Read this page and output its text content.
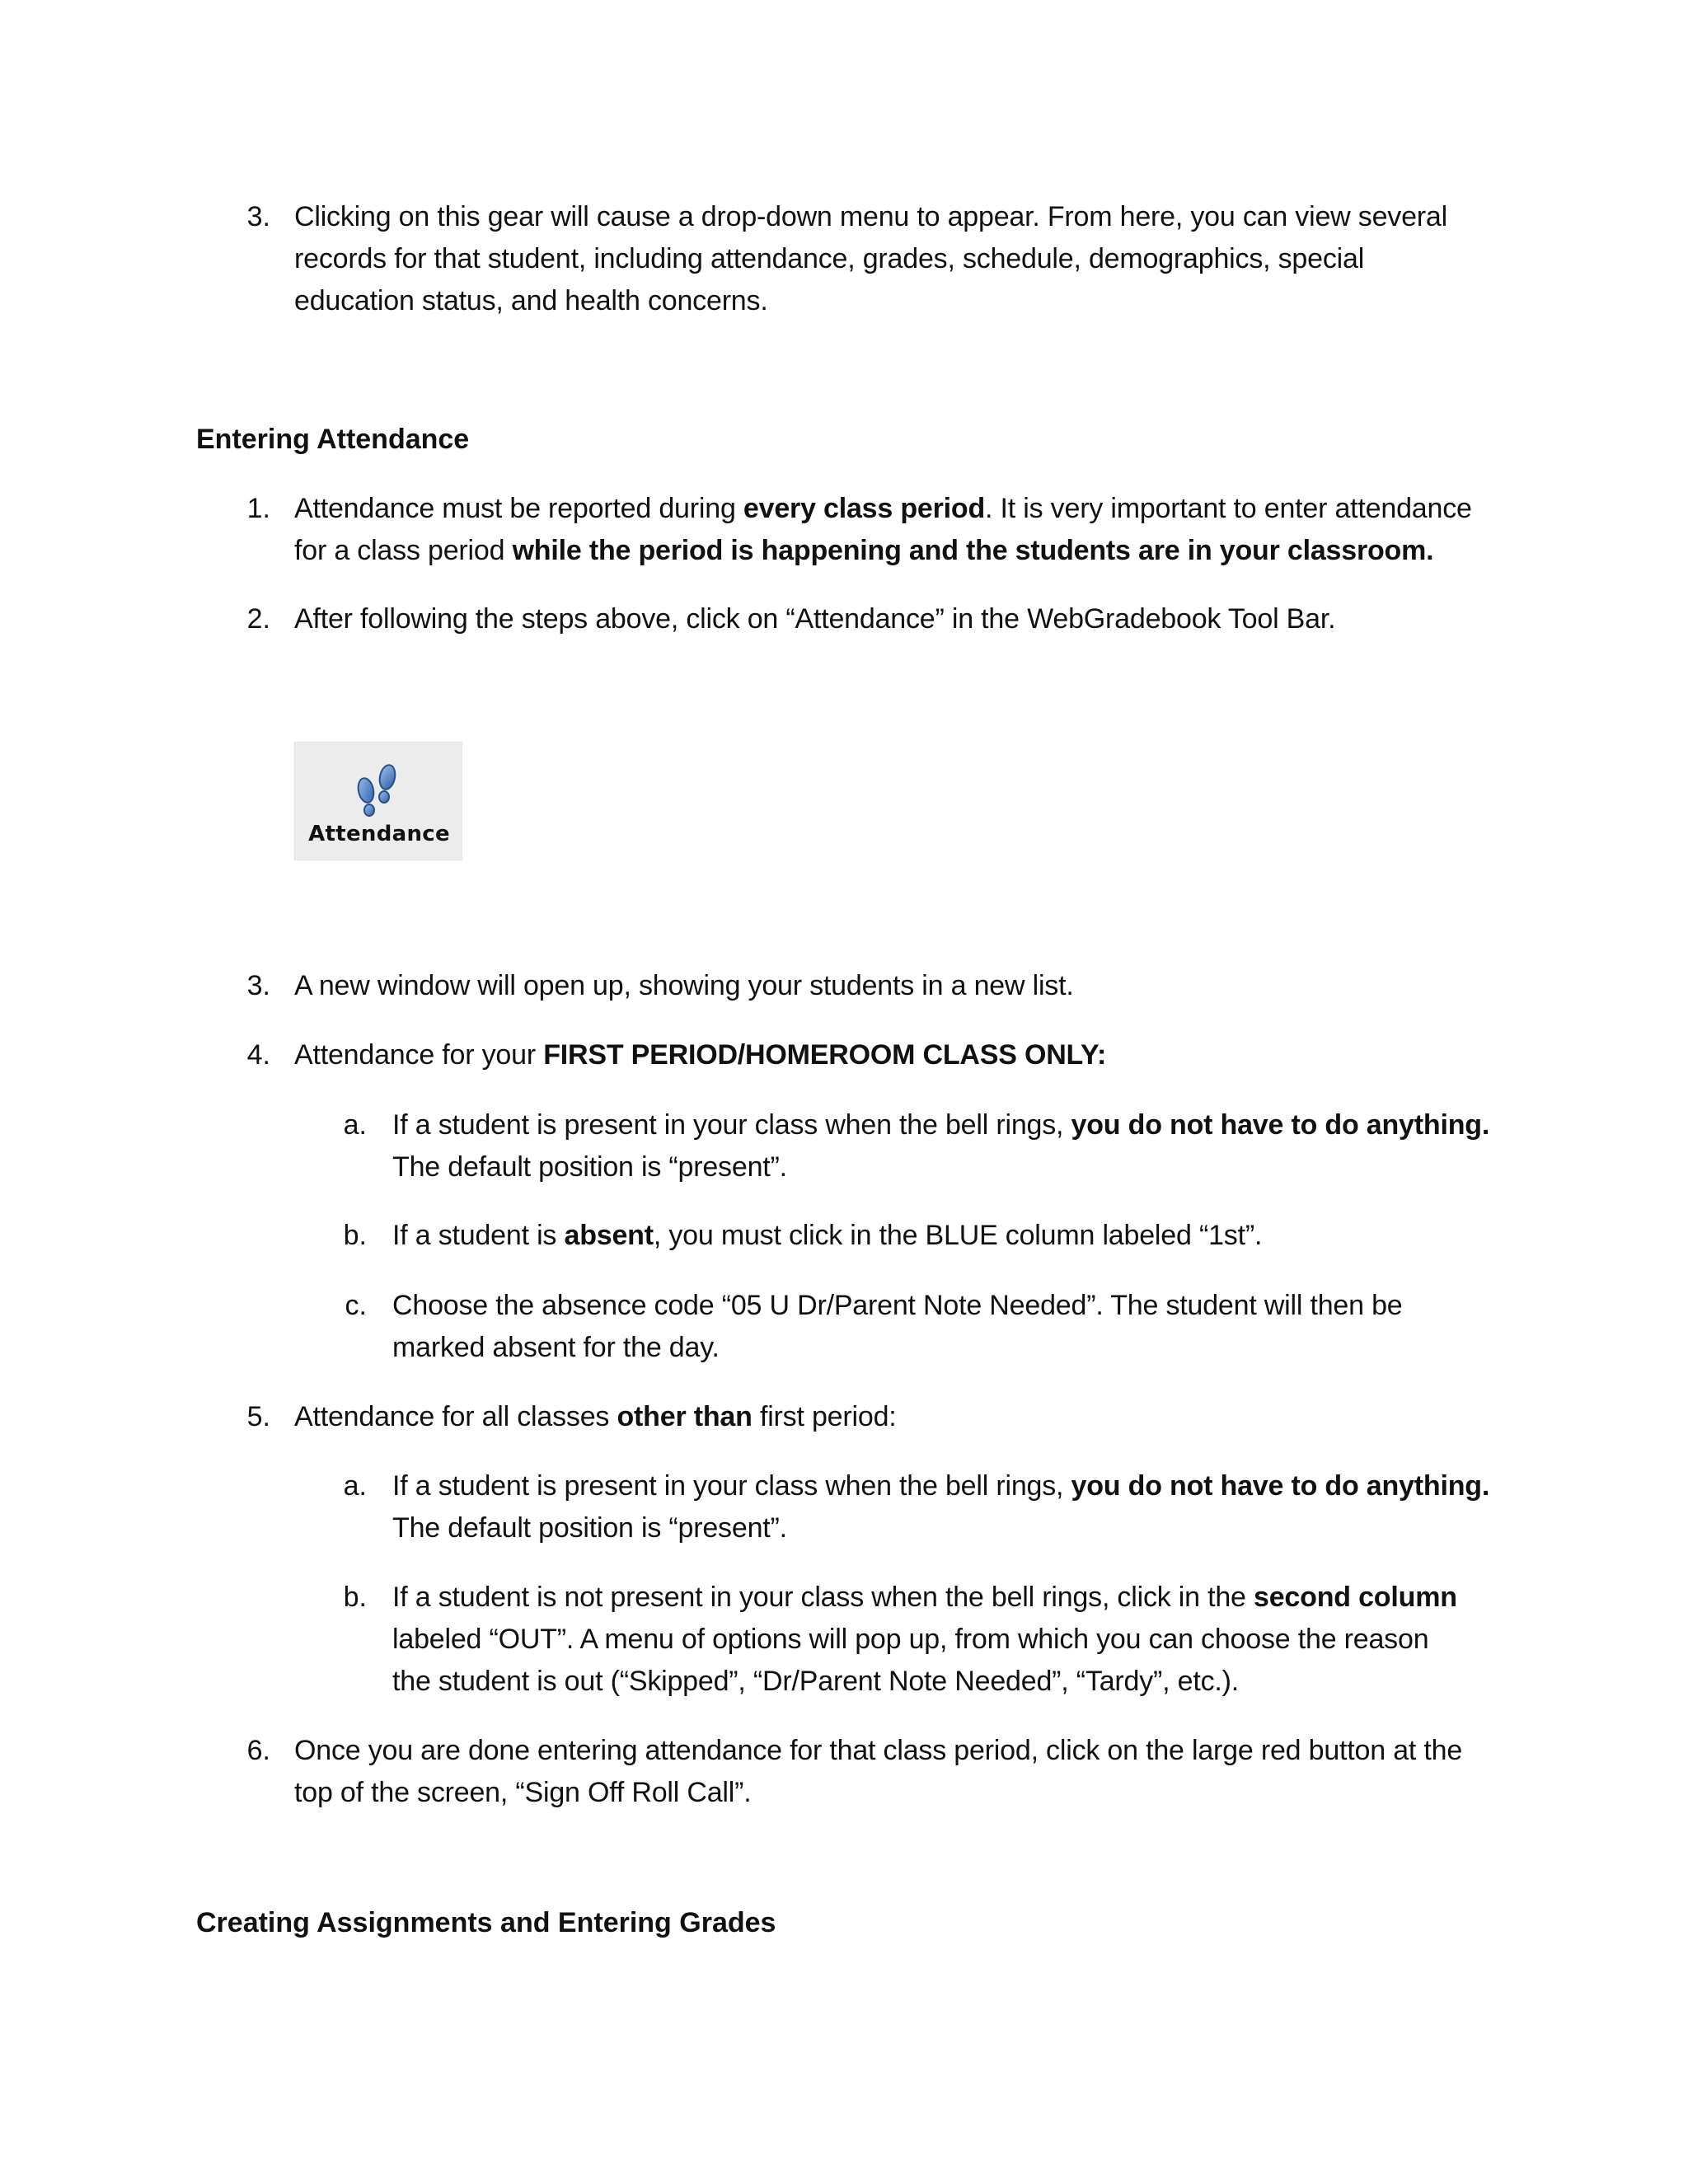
3. Clicking on this gear will cause a drop-down menu to appear. From here, you can view several
records for that student, including attendance, grades, schedule, demographics, special
education status, and health concerns.
Entering Attendance
1. Attendance must be reported during every class period. It is very important to enter attendance
for a class period while the period is happening and the students are in your classroom.
2. After following the steps above, click on “Attendance” in the WebGradebook Tool Bar.
Attendance
3. A new window will open up, showing your students in a new list.
4. Attendance for your FIRST PERIOD/HOMEROOM CLASS ONLY:
a. If a student is present in your class when the bell rings, you do not have to do anything.
The default position is “present”.
b. If a student is absent, you must click in the BLUE column labeled “1st”.
c. Choose the absence code “05 U Dr/Parent Note Needed”. The student will then be
marked absent for the day.
5. Attendance for all classes other than first period:
a. If a student is present in your class when the bell rings, you do not have to do anything.
The default position is “present”.
b. If a student is not present in your class when the bell rings, click in the second column
labeled “OUT”. A menu of options will pop up, from which you can choose the reason
the student is out (“Skipped”, “Dr/Parent Note Needed”, “Tardy”, etc.).
6. Once you are done entering attendance for that class period, click on the large red button at the
top of the screen, “Sign Off Roll Call”.
Creating Assignments and Entering Grades
